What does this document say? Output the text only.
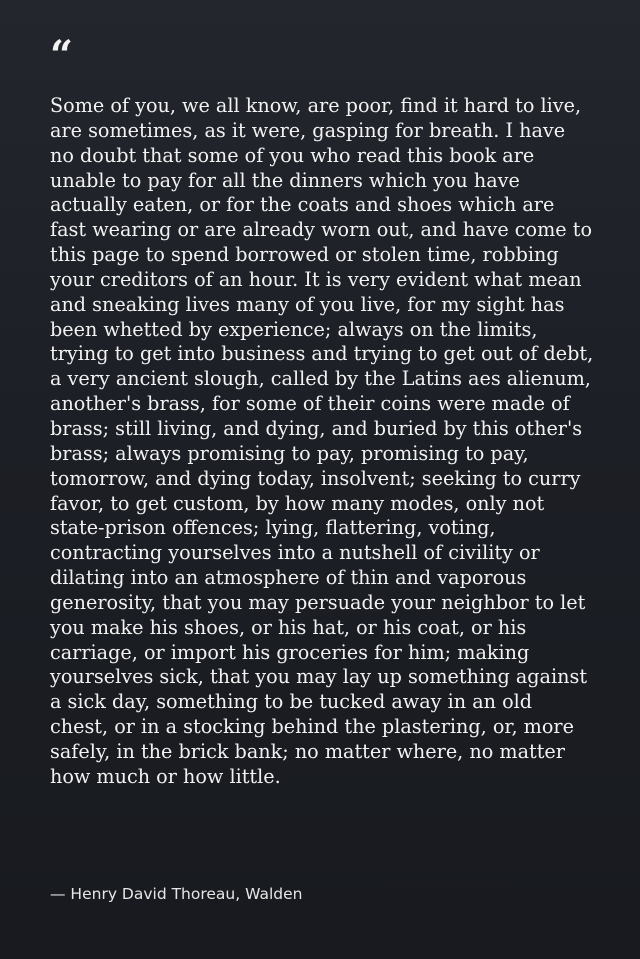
“

Some of you, we all know, are poor, find it hard to live, are sometimes, as it were, gasping for breath. I have no doubt that some of you who read this book are unable to pay for all the dinners which you have actually eaten, or for the coats and shoes which are fast wearing or are already worn out, and have come to this page to spend borrowed or stolen time, robbing your creditors of an hour. It is very evident what mean and sneaking lives many of you live, for my sight has been whetted by experience; always on the limits, trying to get into business and trying to get out of debt, a very ancient slough, called by the Latins aes alienum, another's brass, for some of their coins were made of brass; still living, and dying, and buried by this other's brass; always promising to pay, promising to pay, tomorrow, and dying today, insolvent; seeking to curry favor, to get custom, by how many modes, only not state-prison offences; lying, flattering, voting, contracting yourselves into a nutshell of civility or dilating into an atmosphere of thin and vaporous generosity, that you may persuade your neighbor to let you make his shoes, or his hat, or his coat, or his carriage, or import his groceries for him; making yourselves sick, that you may lay up something against a sick day, something to be tucked away in an old chest, or in a stocking behind the plastering, or, more safely, in the brick bank; no matter where, no matter how much or how little.

— Henry David Thoreau, Walden
